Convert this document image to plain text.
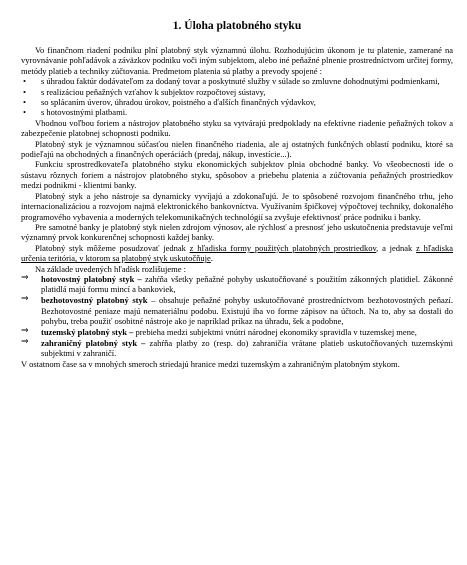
1. Úloha platobného styku

Vo finančnom riadení podniku plní platobný styk významnú úlohu. Rozhodujúcim úkonom je tu platenie, zamerané na vyrovnávanie pohľadávok a záväzkov podniku voči iným subjektom, alebo iné peňažné plnenie prostredníctvom určitej formy, metódy platieb a techniky zúčtovania. Predmetom platenia sú platby a prevody spojené :

• s úhradou faktúr dodávateľom za dodaný tovar a poskytnuté služby v súlade so zmluvne dohodnutými podmienkami,
• s realizáciou peňažných vzťahov k subjektov rozpočtovej sústavy,
• so splácaním úverov, úhradou úrokov, poistného a ďalších finančných výdavkov,
• s hotovostnými platbami.

Vhodnou voľbou foriem a nástrojov platobného styku sa vytvárajú predpoklady na efektívne riadenie peňažných tokov a zabezpečenie platobnej schopnosti podniku.

Platobný styk je významnou súčasťou nielen finančného riadenia, ale aj ostatných funkčných oblastí podniku, ktoré sa podieľajú na obchodných a finančných operáciách (predaj, nákup, investície...).

Funkciu sprostredkovateľa platobného styku ekonomických subjektov plnia obchodné banky. Vo všeobecnosti ide o sústavu rôznych foriem a nástrojov platobného styku, spôsobov a priebehu platenia a zúčtovania peňažných prostriedkov medzi podnikmi - klientmi banky.

Platobný styk a jeho nástroje sa dynamicky vyvíjajú a zdokonaľujú. Je to spôsobené rozvojom finančného trhu, jeho internacionalizáciou a rozvojom najmä elektronického bankovníctva. Využívaním špičkovej výpočtovej techniky, dokonalého programového vybavenia a moderných telekomunikačných technológií sa zvyšuje efektivnosť práce podniku i banky.

Pre samotné banky je platobný styk nielen zdrojom výnosov, ale rýchlosť a presnosť jeho uskutočnenia predstavuje veľmi významný prvok konkurenčnej schopnosti každej banky.

Platobný styk môžeme posudzovať jednak z hľadiska formy použitých platobných prostriedkov, a jednak z hľadiska určenia teritória, v ktorom sa platobný styk uskutočňuje.

Na základe uvedených hľadísk rozlišujeme :

⇒ hotovostný platobný styk – zahŕňa všetky peňažné pohyby uskutočňované s použitím zákonných platidiel. Zákonné platidlá majú formu mincí a bankoviek,
⇒ bezhotovostný platobný styk – obsahuje peňažné pohyby uskutočňované prostredníctvom bezhotovostných peňazí. Bezhotovostné peniaze majú nemateriálnu podobu. Existujú iba vo forme zápisov na účtoch. Na to, aby sa dostali do pohybu, treba použiť osobitné nástroje ako je napríklad príkaz na úhradu, šek a podobne,
⇒ tuzemský platobný styk – prebieha medzi subjektmi vnútri národnej ekonomiky spravidla v tuzemskej mene,
⇒ zahraničný platobný styk – zahŕňa platby zo (resp. do) zahraničia vrátane platieb uskutočňovaných tuzemskými subjektmi v zahraničí.

V ostatnom čase sa v mnohých smeroch striedajú hranice medzi tuzemským a zahraničným platobným stykom.
